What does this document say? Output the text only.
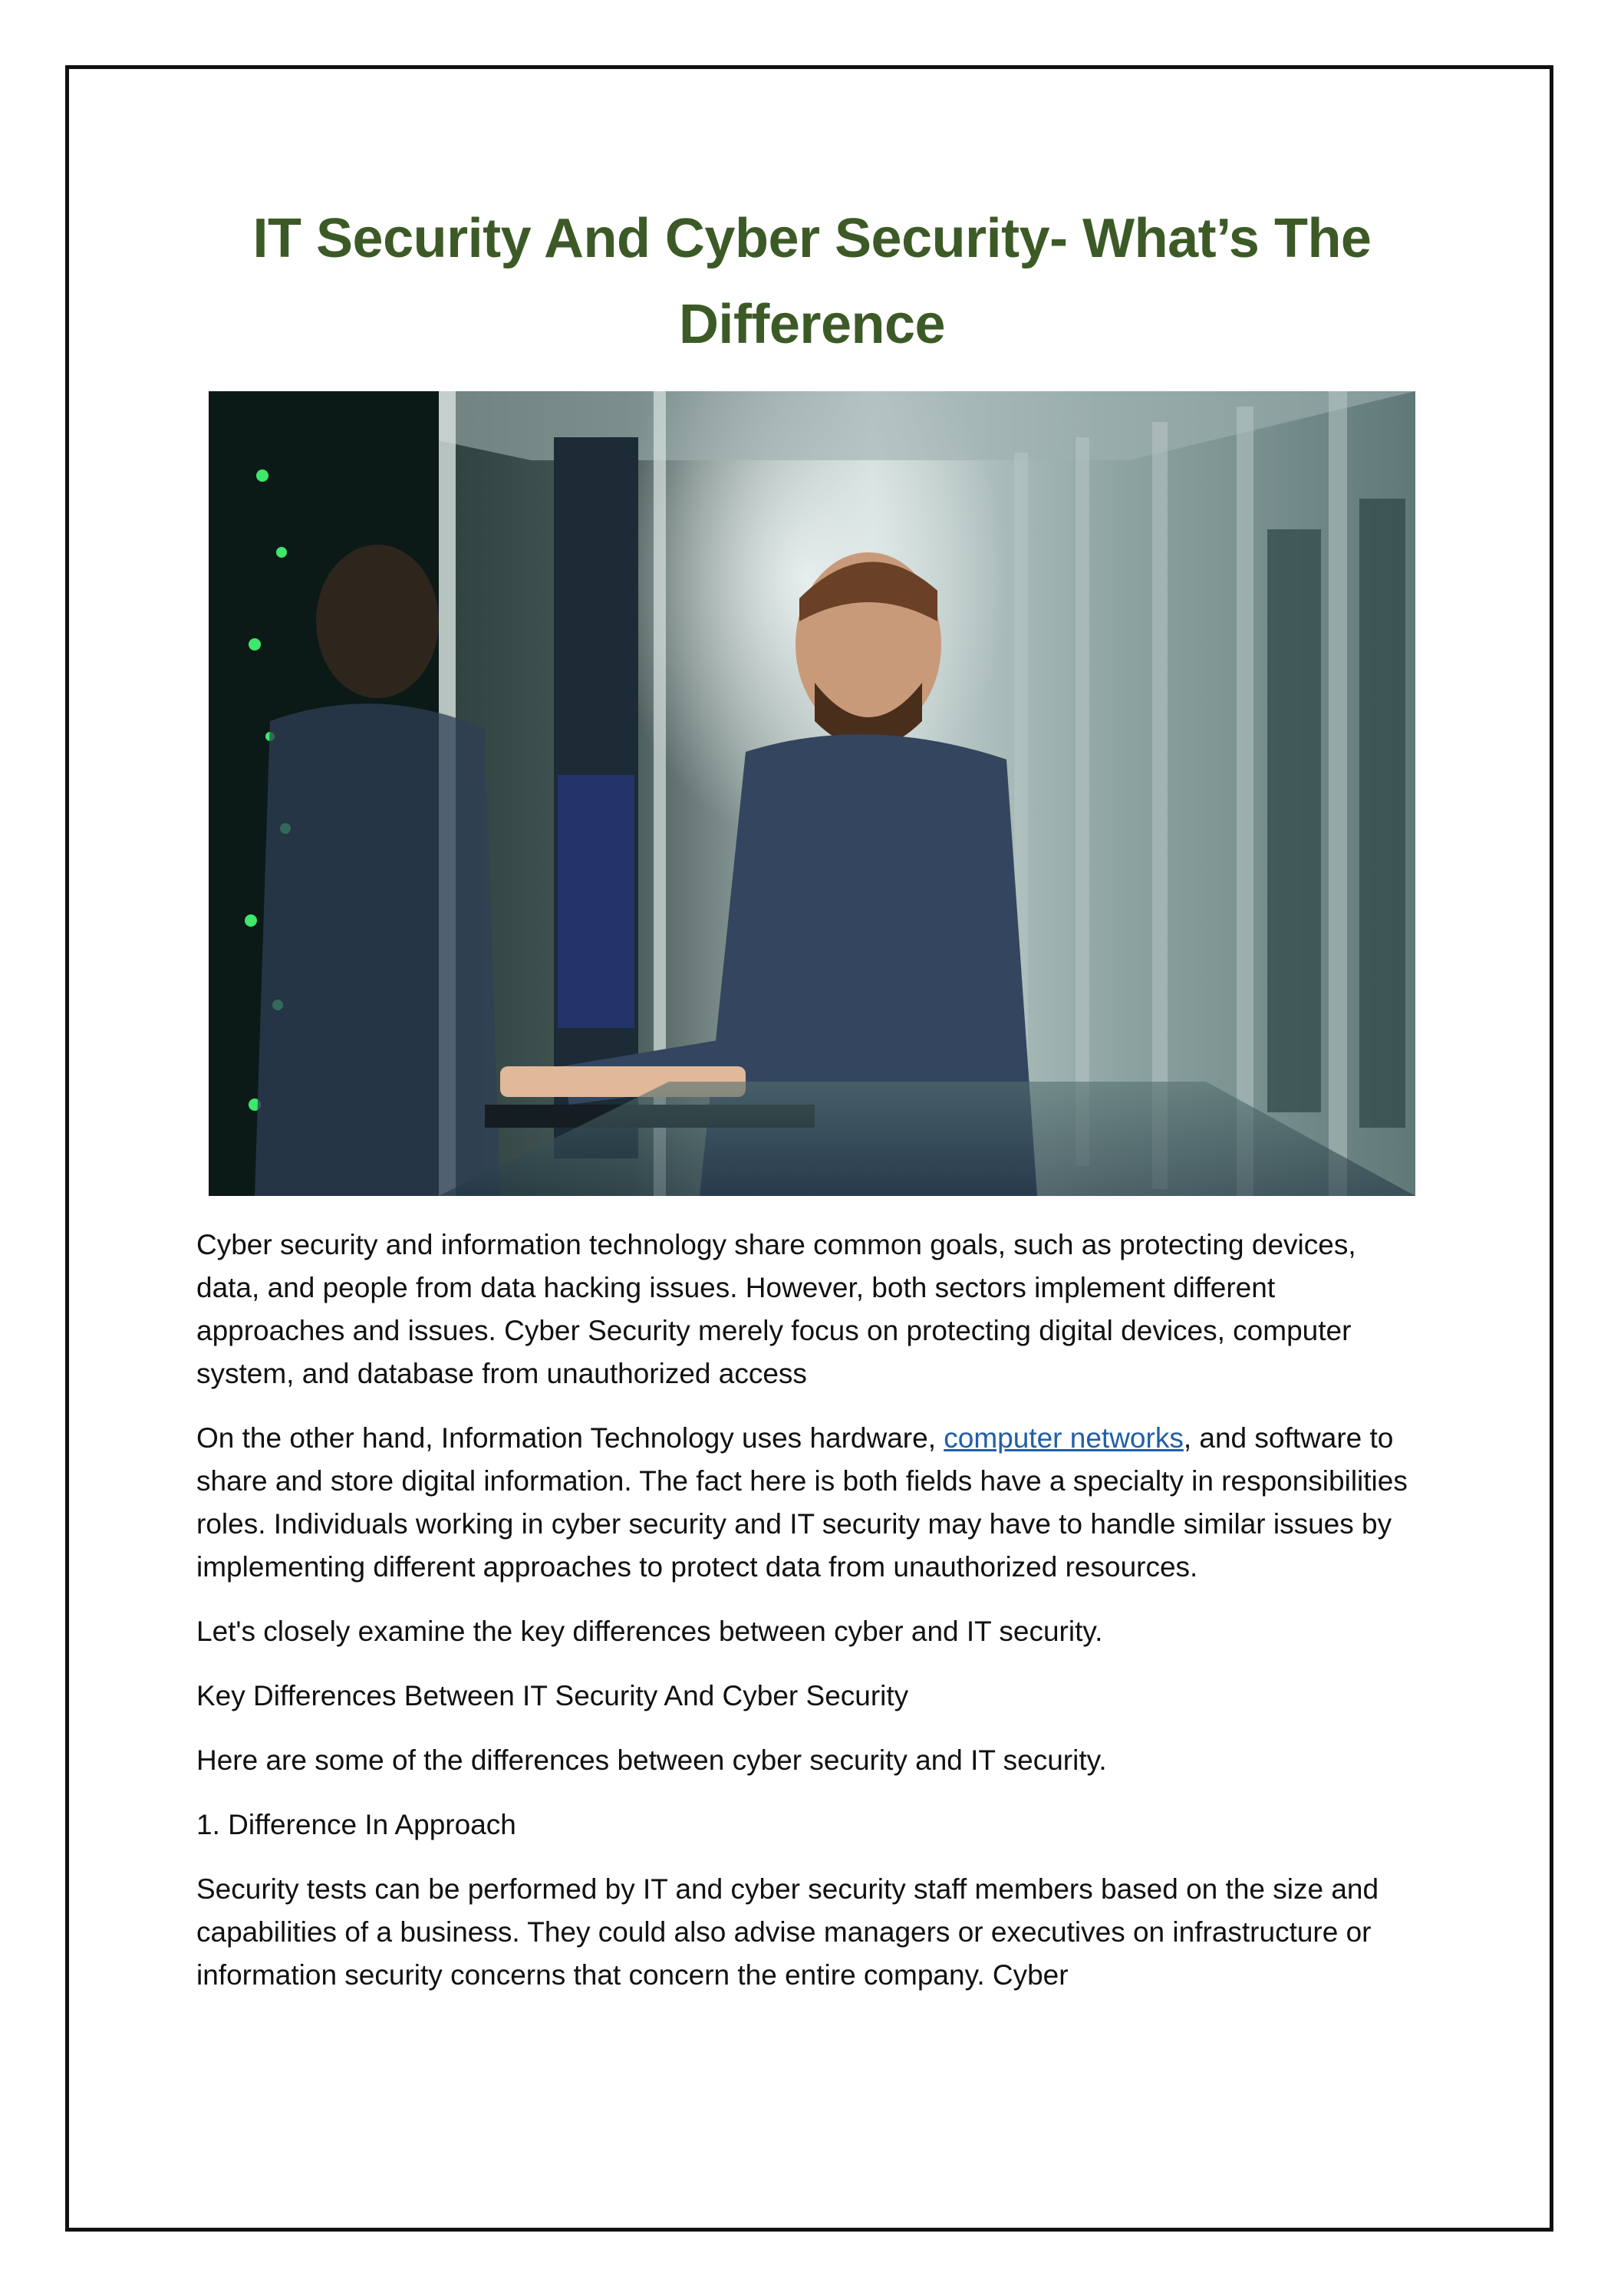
IT Security And Cyber Security- What’s The Difference

Cyber security and information technology share common goals, such as protecting devices, data, and people from data hacking issues. However, both sectors implement different approaches and issues. Cyber Security merely focus on protecting digital devices, computer system, and database from unauthorized access

On the other hand, Information Technology uses hardware, computer networks, and software to share and store digital information. The fact here is both fields have a specialty in responsibilities roles. Individuals working in cyber security and IT security may have to handle similar issues by implementing different approaches to protect data from unauthorized resources.

Let's closely examine the key differences between cyber and IT security.

Key Differences Between IT Security And Cyber Security

Here are some of the differences between cyber security and IT security.

1. Difference In Approach

Security tests can be performed by IT and cyber security staff members based on the size and capabilities of a business. They could also advise managers or executives on infrastructure or information security concerns that concern the entire company. Cyber
